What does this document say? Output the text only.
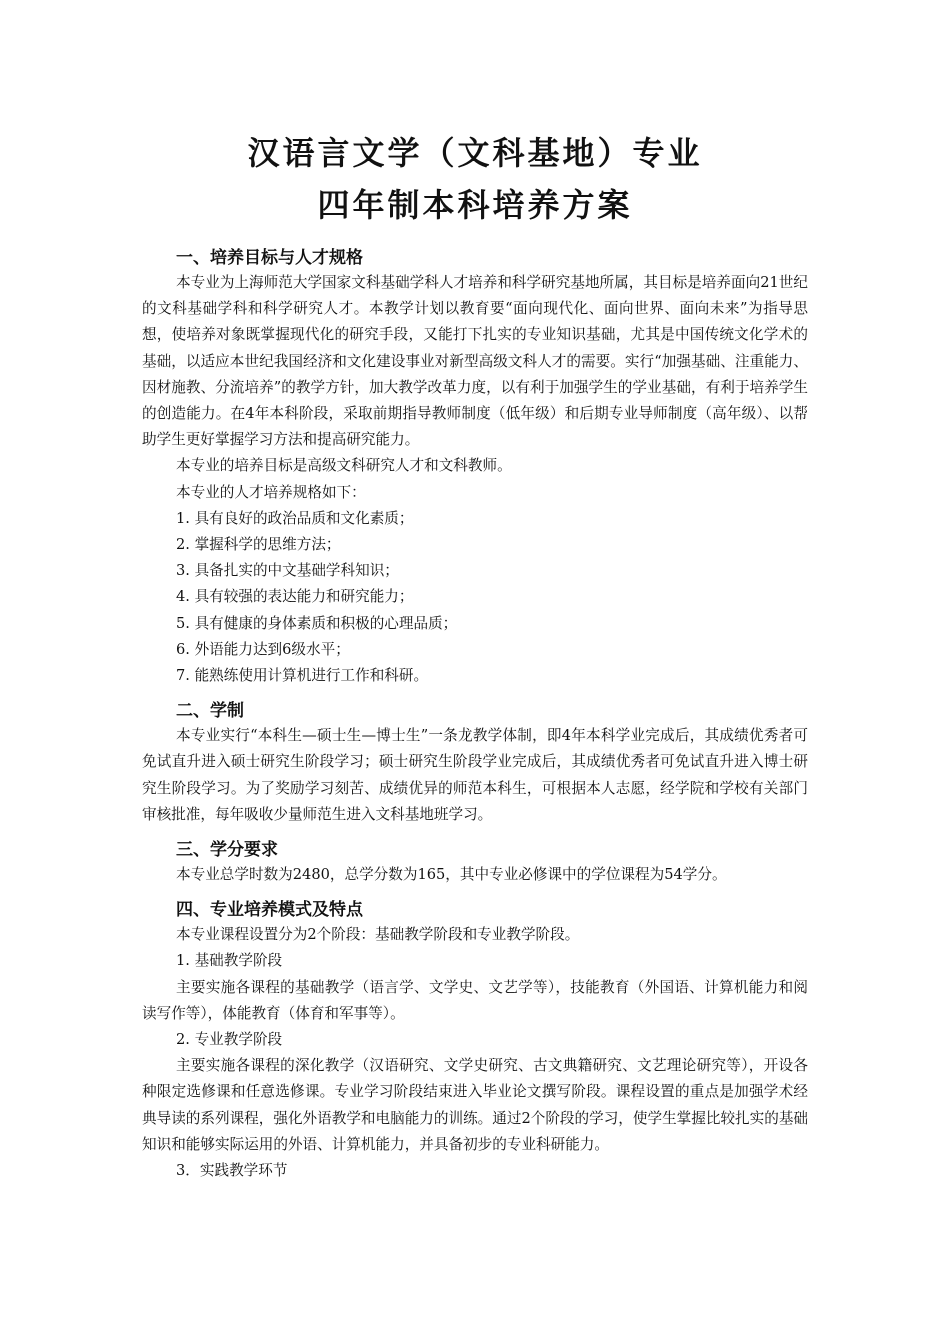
汉语言文学（文科基地）专业
四年制本科培养方案

一、培养目标与人才规格

本专业为上海师范大学国家文科基础学科人才培养和科学研究基地所属，其目标是培养面向21世纪的文科基础学科和科学研究人才。本教学计划以教育要“面向现代化、面向世界、面向未来”为指导思想，使培养对象既掌握现代化的研究手段，又能打下扎实的专业知识基础，尤其是中国传统文化学术的基础，以适应本世纪我国经济和文化建设事业对新型高级文科人才的需要。实行“加强基础、注重能力、因材施教、分流培养”的教学方针，加大教学改革力度，以有利于加强学生的学业基础，有利于培养学生的创造能力。在4年本科阶段，采取前期指导教师制度（低年级）和后期专业导师制度（高年级）、以帮助学生更好掌握学习方法和提高研究能力。

本专业的培养目标是高级文科研究人才和文科教师。

本专业的人才培养规格如下：

1. 具有良好的政治品质和文化素质；

2. 掌握科学的思维方法；

3. 具备扎实的中文基础学科知识；

4. 具有较强的表达能力和研究能力；

5. 具有健康的身体素质和积极的心理品质；

6. 外语能力达到6级水平；

7. 能熟练使用计算机进行工作和科研。

二、学制

本专业实行“本科生—硕士生—博士生”一条龙教学体制，即4年本科学业完成后，其成绩优秀者可免试直升进入硕士研究生阶段学习；硕士研究生阶段学业完成后，其成绩优秀者可免试直升进入博士研究生阶段学习。为了奖励学习刻苦、成绩优异的师范本科生，可根据本人志愿，经学院和学校有关部门审核批准，每年吸收少量师范生进入文科基地班学习。

三、学分要求

本专业总学时数为2480，总学分数为165，其中专业必修课中的学位课程为54学分。

四、专业培养模式及特点

本专业课程设置分为2个阶段：基础教学阶段和专业教学阶段。

1. 基础教学阶段

主要实施各课程的基础教学（语言学、文学史、文艺学等），技能教育（外国语、计算机能力和阅读写作等），体能教育（体育和军事等）。

2. 专业教学阶段

主要实施各课程的深化教学（汉语研究、文学史研究、古文典籍研究、文艺理论研究等），开设各种限定选修课和任意选修课。专业学习阶段结束进入毕业论文撰写阶段。课程设置的重点是加强学术经典导读的系列课程，强化外语教学和电脑能力的训练。通过2个阶段的学习，使学生掌握比较扎实的基础知识和能够实际运用的外语、计算机能力，并具备初步的专业科研能力。

3．实践教学环节
